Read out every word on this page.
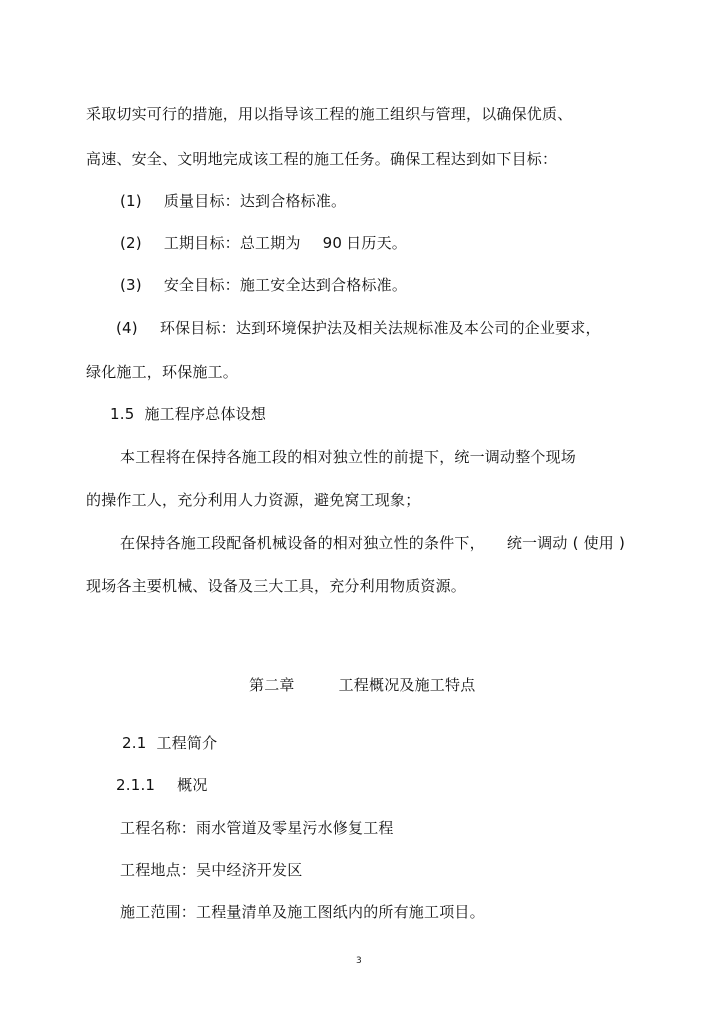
采取切实可行的措施，用以指导该工程的施工组织与管理，以确保优质、
高速、安全、文明地完成该工程的施工任务。确保工程达到如下目标：
(1) 质量目标：达到合格标准。
(2) 工期目标：总工期为 90 日历天。
(3) 安全目标：施工安全达到合格标准。
(4) 环保目标：达到环境保护法及相关法规标准及本公司的企业要求，
绿化施工，环保施工。
1.5 施工程序总体设想
本工程将在保持各施工段的相对独立性的前提下，统一调动整个现场
的操作工人，充分利用人力资源，避免窝工现象；
在保持各施工段配备机械设备的相对独立性的条件下， 统一调动 ( 使用 )
现场各主要机械、设备及三大工具，充分利用物质资源。
第二章	工程概况及施工特点
2.1 工程简介
2.1.1 概况
工程名称：雨水管道及零星污水修复工程
工程地点：吴中经济开发区
施工范围：工程量清单及施工图纸内的所有施工项目。
3
